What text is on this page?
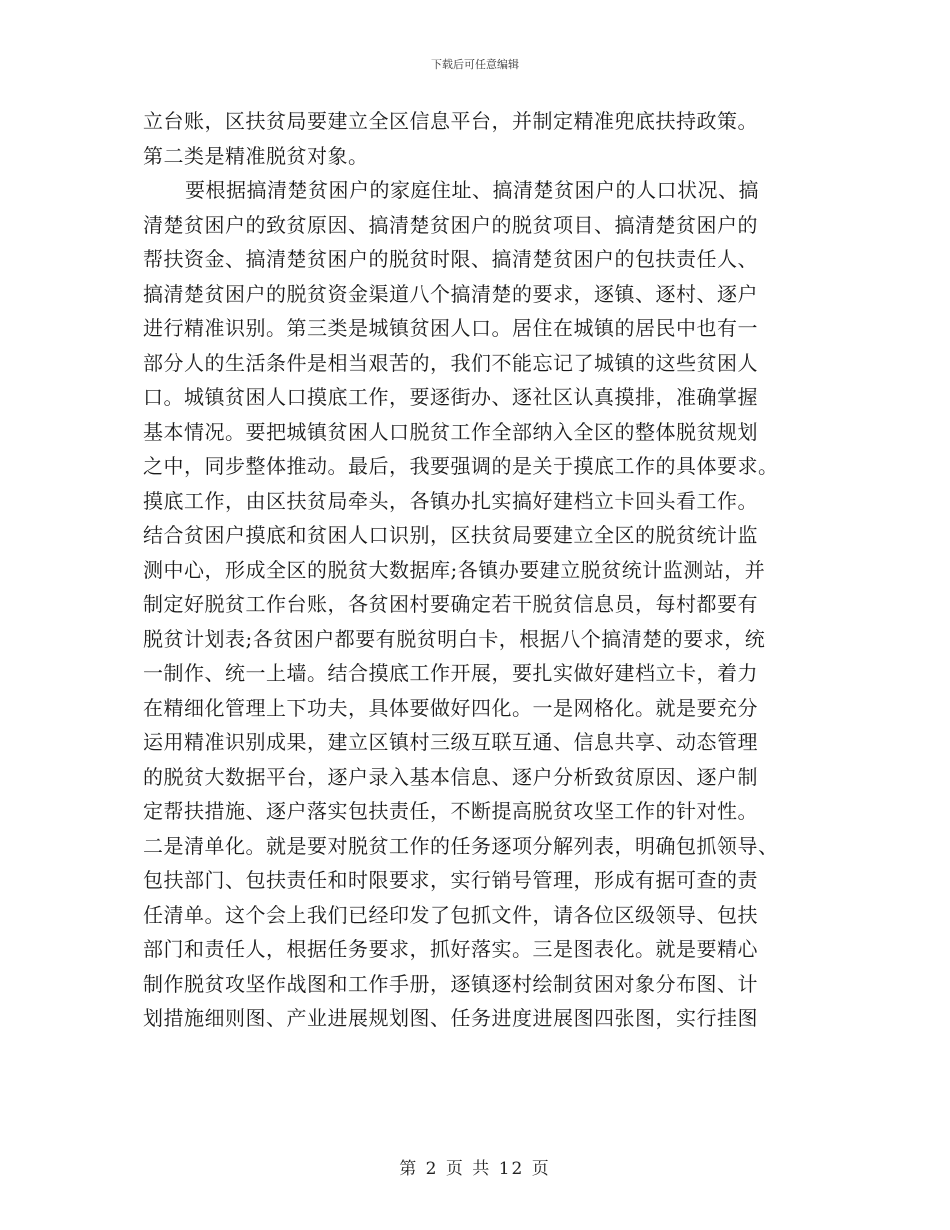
下载后可任意编辑
立台账，区扶贫局要建立全区信息平台，并制定精准兜底扶持政策。
第二类是精准脱贫对象。
要根据搞清楚贫困户的家庭住址、搞清楚贫困户的人口状况、搞
清楚贫困户的致贫原因、搞清楚贫困户的脱贫项目、搞清楚贫困户的
帮扶资金、搞清楚贫困户的脱贫时限、搞清楚贫困户的包扶责任人、
搞清楚贫困户的脱贫资金渠道八个搞清楚的要求，逐镇、逐村、逐户
进行精准识别。第三类是城镇贫困人口。居住在城镇的居民中也有一
部分人的生活条件是相当艰苦的，我们不能忘记了城镇的这些贫困人
口。城镇贫困人口摸底工作，要逐街办、逐社区认真摸排，准确掌握
基本情况。要把城镇贫困人口脱贫工作全部纳入全区的整体脱贫规划
之中，同步整体推动。最后，我要强调的是关于摸底工作的具体要求。
摸底工作，由区扶贫局牵头，各镇办扎实搞好建档立卡回头看工作。
结合贫困户摸底和贫困人口识别，区扶贫局要建立全区的脱贫统计监
测中心，形成全区的脱贫大数据库;各镇办要建立脱贫统计监测站，并
制定好脱贫工作台账，各贫困村要确定若干脱贫信息员，每村都要有
脱贫计划表;各贫困户都要有脱贫明白卡，根据八个搞清楚的要求，统
一制作、统一上墙。结合摸底工作开展，要扎实做好建档立卡，着力
在精细化管理上下功夫，具体要做好四化。一是网格化。就是要充分
运用精准识别成果，建立区镇村三级互联互通、信息共享、动态管理
的脱贫大数据平台，逐户录入基本信息、逐户分析致贫原因、逐户制
定帮扶措施、逐户落实包扶责任，不断提高脱贫攻坚工作的针对性。
二是清单化。就是要对脱贫工作的任务逐项分解列表，明确包抓领导、
包扶部门、包扶责任和时限要求，实行销号管理，形成有据可查的责
任清单。这个会上我们已经印发了包抓文件，请各位区级领导、包扶
部门和责任人，根据任务要求，抓好落实。三是图表化。就是要精心
制作脱贫攻坚作战图和工作手册，逐镇逐村绘制贫困对象分布图、计
划措施细则图、产业进展规划图、任务进度进展图四张图，实行挂图
第 2 页 共 12 页
